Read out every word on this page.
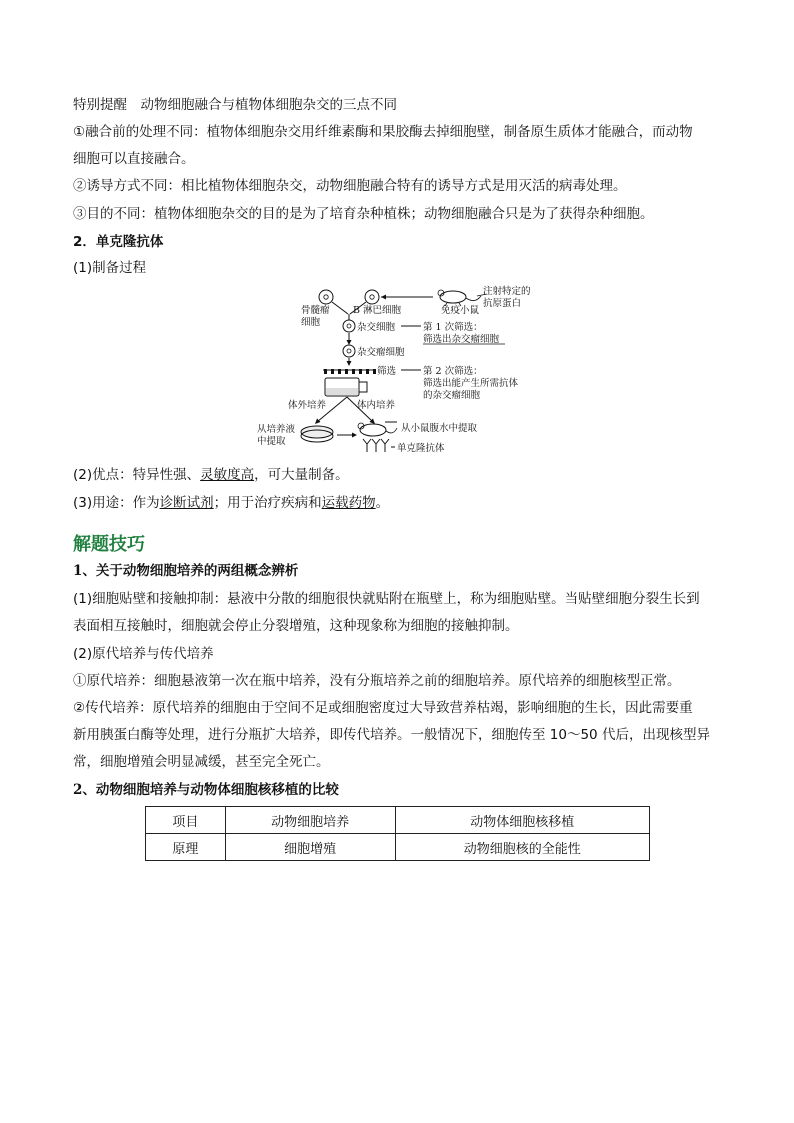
特别提醒　动物细胞融合与植物体细胞杂交的三点不同
①融合前的处理不同：植物体细胞杂交用纤维素酶和果胶酶去掉细胞壁，制备原生质体才能融合，而动物
细胞可以直接融合。
②诱导方式不同：相比植物体细胞杂交，动物细胞融合特有的诱导方式是用灭活的病毒处理。
③目的不同：植物体细胞杂交的目的是为了培育杂种植株；动物细胞融合只是为了获得杂种细胞。
2．单克隆抗体
(1)制备过程
骨髓瘤
细胞
B 淋巴细胞	免疫小鼠
注射特定的
抗原蛋白
杂交细胞	第 1 次筛选：
筛选出杂交瘤细胞
杂交瘤细胞
筛选	第 2 次筛选：
筛选出能产生所需抗体
的杂交瘤细胞
体外培养	体内培养
从培养液
中提取
从小鼠腹水中提取
单克隆抗体
(2)优点：特异性强、灵敏度高，可大量制备。
(3)用途：作为诊断试剂；用于治疗疾病和运载药物。
解题技巧
1、关于动物细胞培养的两组概念辨析
(1)细胞贴壁和接触抑制：悬液中分散的细胞很快就贴附在瓶壁上，称为细胞贴壁。当贴壁细胞分裂生长到
表面相互接触时，细胞就会停止分裂增殖，这种现象称为细胞的接触抑制。
(2)原代培养与传代培养
①原代培养：细胞悬液第一次在瓶中培养，没有分瓶培养之前的细胞培养。原代培养的细胞核型正常。
②传代培养：原代培养的细胞由于空间不足或细胞密度过大导致营养枯竭，影响细胞的生长，因此需要重
新用胰蛋白酶等处理，进行分瓶扩大培养，即传代培养。一般情况下，细胞传至 10～50 代后，出现核型异
常，细胞增殖会明显减缓，甚至完全死亡。
2、动物细胞培养与动物体细胞核移植的比较
项目	动物细胞培养	动物体细胞核移植
原理	细胞增殖	动物细胞核的全能性
